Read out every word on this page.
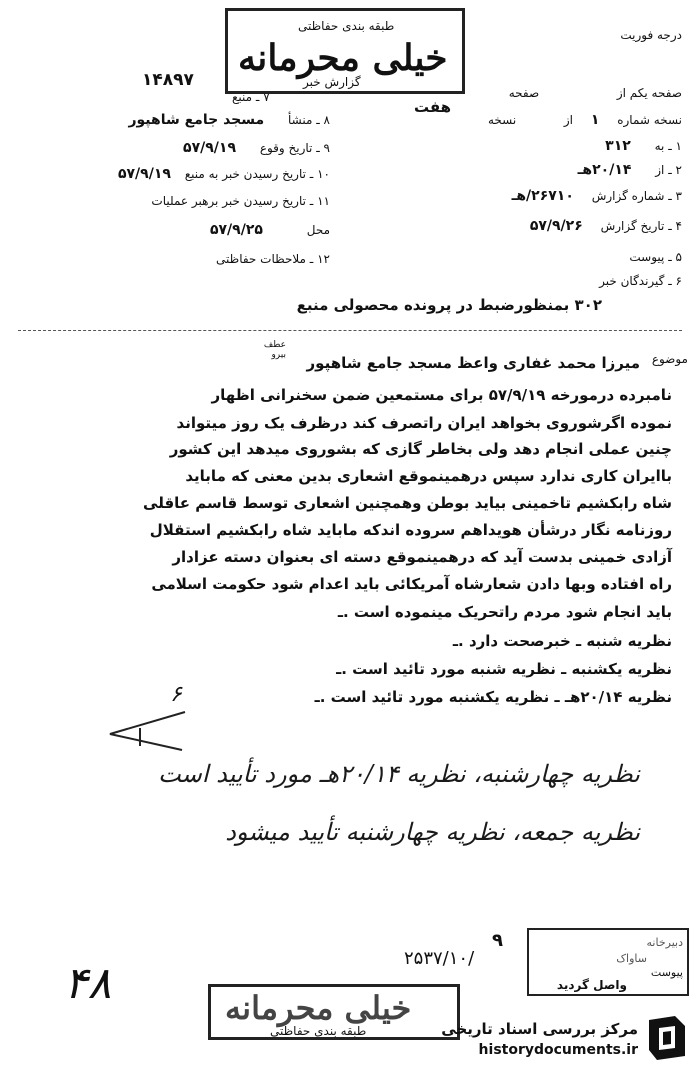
درجه فوریت
طبقه بندی حفاظتی
خیلی محرمانه
گزارش خبر
۱۴۸۹۷
هفت
صفحه یکم از  صفحه
نسخه شماره ۱ از  نسخه
۱ ـ به ۳۱۲
۲ ـ از ۲۰/۱۴هـ
۳ ـ شماره گزارش ۲۶۷۱۰/هـ
۴ ـ تاریخ گزارش ۵۷/۹/۲۶
۵ ـ پیوست
۶ ـ گیرندگان خبر
۷ ـ منبع
۸ ـ منشأ مسجد جامع شاهپور
۹ ـ تاریخ وقوع ۵۷/۹/۱۹
۱۰ ـ تاریخ رسیدن خبر به منبع ۵۷/۹/۱۹
۱۱ ـ تاریخ رسیدن خبر برهبر عملیات
محل ۵۷/۹/۲۵
۱۲ ـ ملاحظات حفاظتی
۳۰۲ بمنظورضبط در پرونده محصولی منبع
موضوع
میرزا محمد غفاری واعظ مسجد جامع شاهپور
عطف بیرو
نامبرده درمورخه ۵۷/۹/۱۹ برای مستمعین ضمن سخنرانی اظهار
نموده اگرشوروی بخواهد ایران راتصرف کند درظرف یک روز میتواند
چنین عملی انجام دهد ولی بخاطر گازی که بشوروی میدهد این کشور
باایران کاری ندارد سپس درهمینموقع اشعاری بدین معنی که ماباید
شاه رابکشیم تاخمینی بیاید بوطن وهمچنین اشعاری توسط قاسم عاقلی
روزنامه نگار درشأن هویداهم سروده اندکه ماباید شاه رابکشیم استقلال
آزادی خمینی بدست آید که درهمینموقع دسته ای بعنوان دسته عزادار
راه افتاده وبها دادن شعارشاه آمریکائی باید اعدام شود حکومت اسلامی
باید انجام شود مردم راتحریک مینموده است .ـ
نظریه شنبه ـ خبرصحت دارد .ـ
نظریه یکشنبه ـ نظریه شنبه مورد تائید است .ـ
نظریه ۲۰/۱۴هـ ـ نظریه یکشنبه مورد تائید است .ـ
۶
نظریه چهارشنبه، نظریه ۲۰/۱۴هـ مورد تأیید است
نظریه جمعه، نظریه چهارشنبه تأیید میشود
۹
۲۵۳۷/۱۰/
دبیرخانه
ساواک
پیوست
واصل گردید
۴۸	خیلی محرمانه
طبقه بندی حفاظتی	مرکز بررسی اسناد تاریخی
historydocuments.ir
